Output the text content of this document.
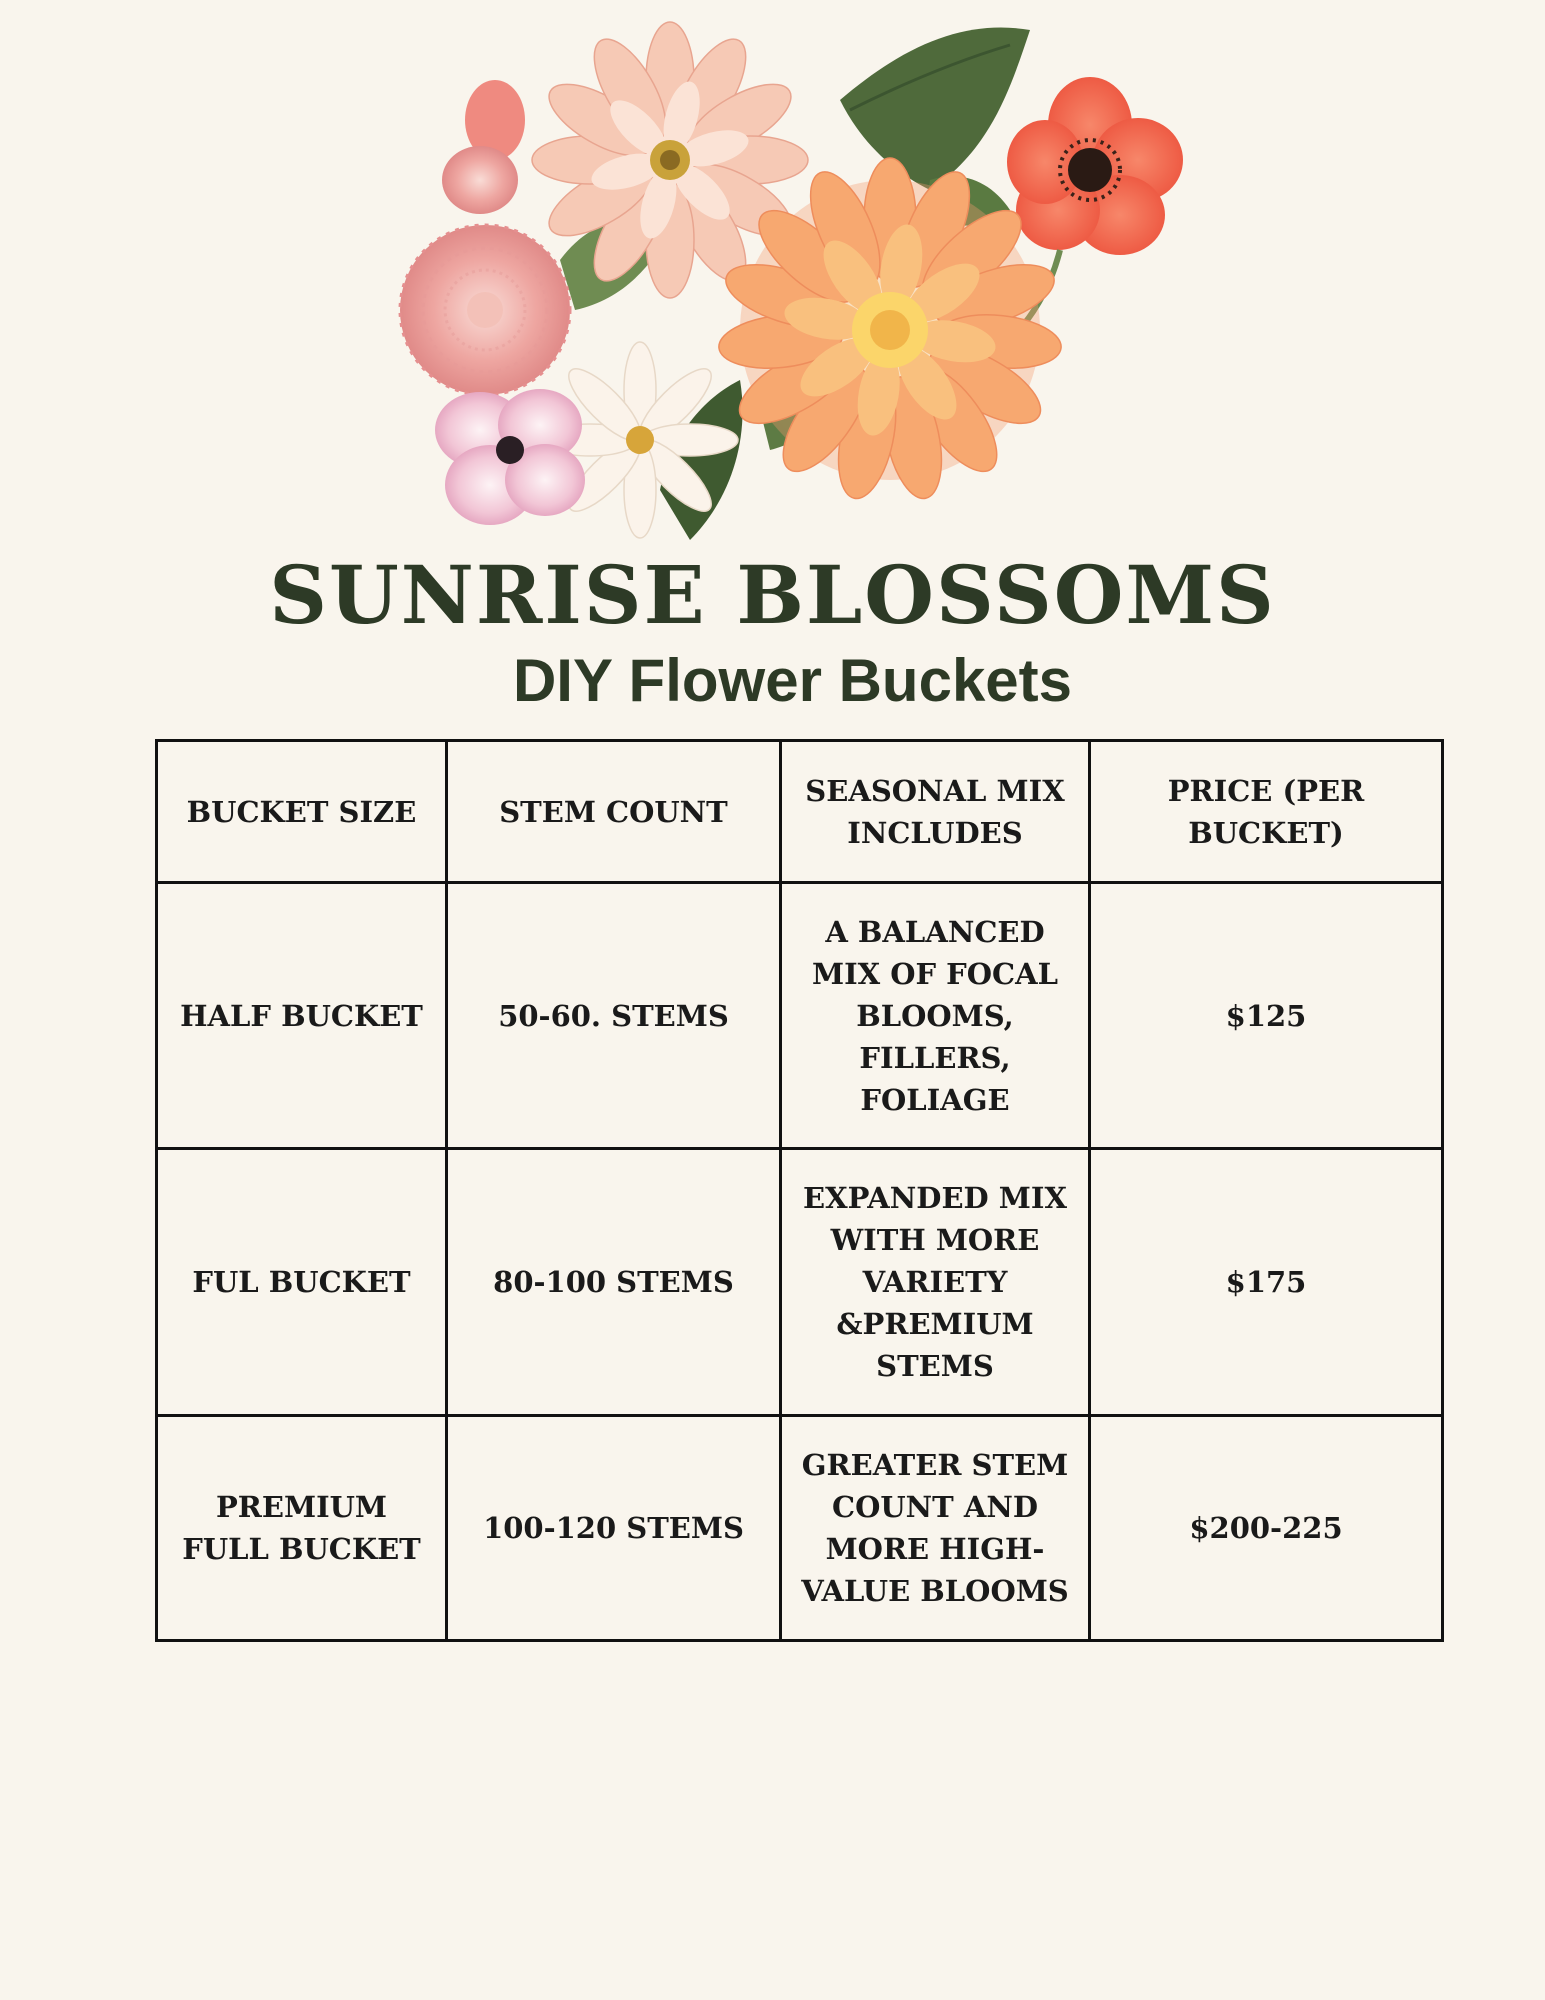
SUNRISE BLOSSOMS
DIY Flower Buckets
BUCKET SIZE	STEM COUNT	SEASONAL MIX INCLUDES	PRICE (PER BUCKET)
HALF BUCKET	50-60. STEMS	A BALANCED MIX OF FOCAL BLOOMS, FILLERS, FOLIAGE	$125
FUL BUCKET	80-100 STEMS	EXPANDED MIX WITH MORE VARIETY &PREMIUM STEMS	$175
PREMIUM FULL BUCKET	100-120 STEMS	GREATER STEM COUNT AND MORE HIGH-VALUE BLOOMS	$200-225
